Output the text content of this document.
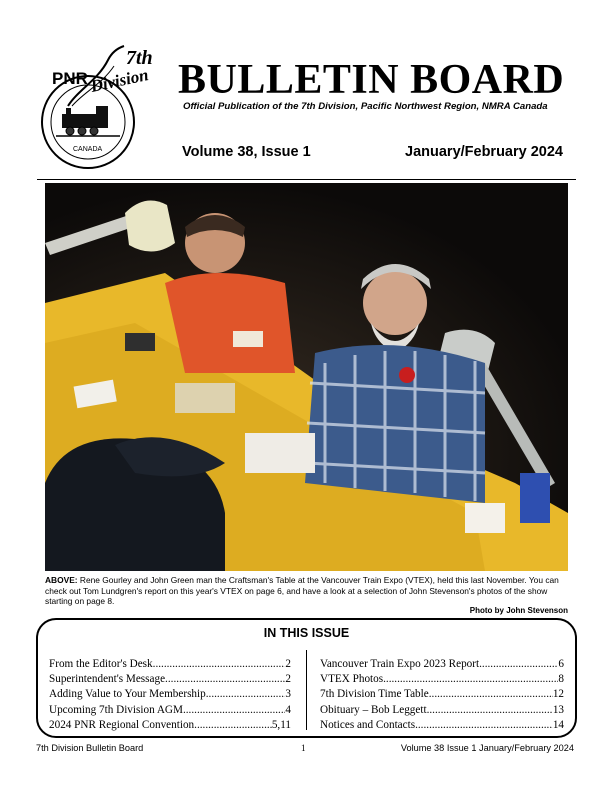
PNR
7th
Division
CANADA
BULLETIN BOARD
Official Publication of the 7th Division, Pacific Northwest Region, NMRA Canada
Volume 38, Issue 1	January/February 2024
ABOVE: Rene Gourley and John Green man the Craftsman's Table at the Vancouver Train Expo (VTEX), held this last November. You can check out Tom Lundgren's report on this year's VTEX on page 6, and have a look at a selection of John Stevenson's photos of the show starting on page 8.
Photo by John Stevenson
IN THIS ISSUE
From the Editor's Desk .....	2
Superintendent's Message .....	2
Adding Value to Your Membership .....	3
Upcoming 7th Division AGM .....	4
2024 PNR Regional Convention .....	5,11
Vancouver Train Expo 2023 Report .....	6
VTEX Photos .....	8
7th Division Time Table .....	12
Obituary – Bob Leggett .....	13
Notices and Contacts .....	14
7th Division Bulletin Board	1	Volume 38 Issue 1 January/February 2024
